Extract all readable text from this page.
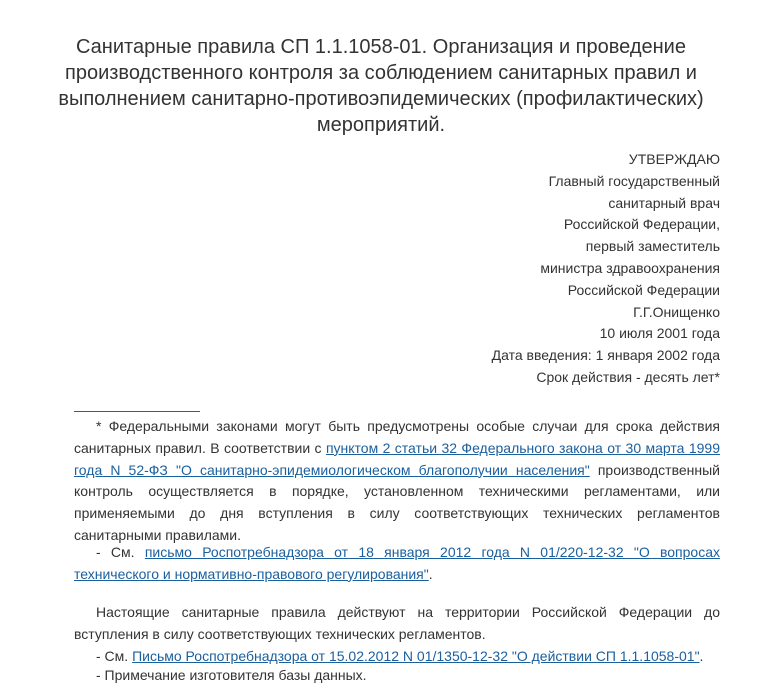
Санитарные правила СП 1.1.1058-01. Организация и проведение производственного контроля за соблюдением санитарных правил и выполнением санитарно-противоэпидемических (профилактических) мероприятий.
УТВЕРЖДАЮ
Главный государственный
санитарный врач
Российской Федерации,
первый заместитель
министра здравоохранения
Российской Федерации
Г.Г.Онищенко
10 июля 2001 года
Дата введения: 1 января 2002 года
Срок действия - десять лет*
* Федеральными законами могут быть предусмотрены особые случаи для срока действия санитарных правил. В соответствии с пунктом 2 статьи 32 Федерального закона от 30 марта 1999 года N 52-ФЗ "О санитарно-эпидемиологическом благополучии населения" производственный контроль осуществляется в порядке, установленном техническими регламентами, или применяемыми до дня вступления в силу соответствующих технических регламентов санитарными правилами.
- См. письмо Роспотребнадзора от 18 января 2012 года N 01/220-12-32 "О вопросах технического и нормативно-правового регулирования".
Настоящие санитарные правила действуют на территории Российской Федерации до вступления в силу соответствующих технических регламентов.
- См. Письмо Роспотребнадзора от 15.02.2012 N 01/1350-12-32 "О действии СП 1.1.1058-01".
- Примечание изготовителя базы данных.
